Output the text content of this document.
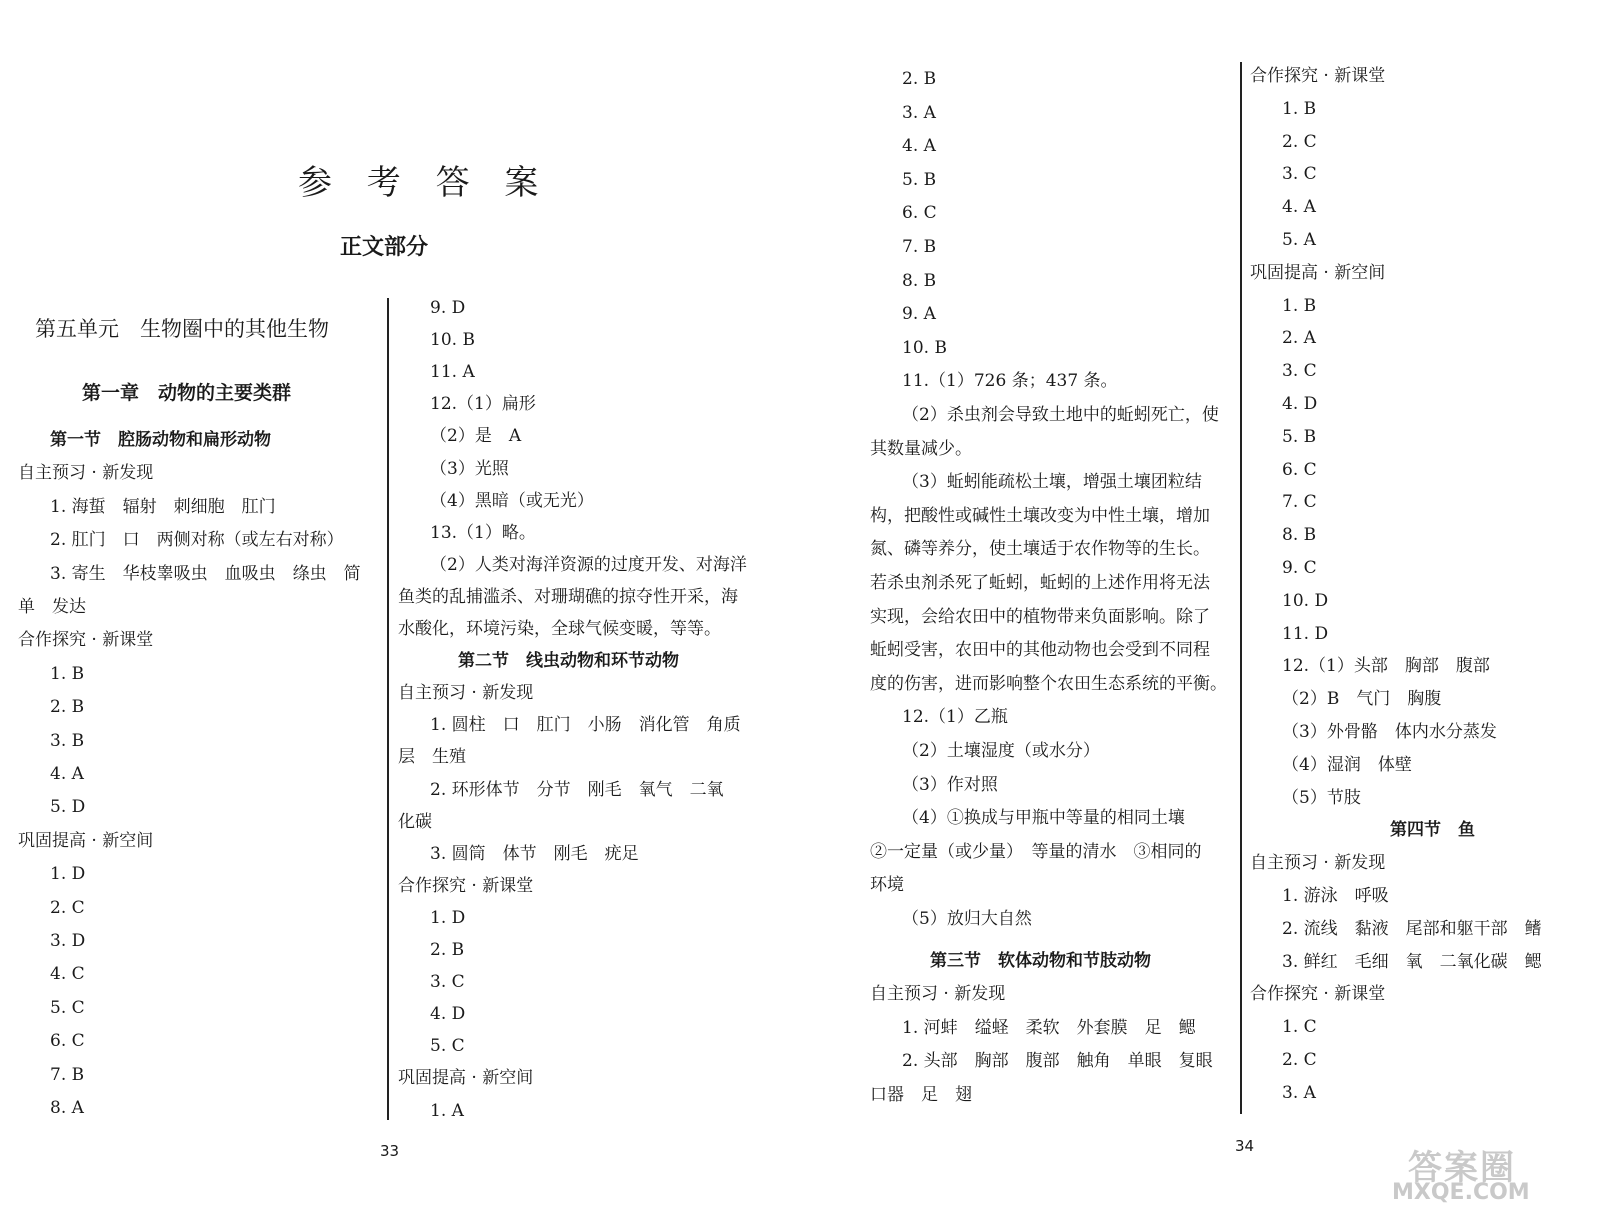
参 考 答 案
正文部分
第五单元　生物圈中的其他生物
第一章　动物的主要类群
第一节　腔肠动物和扁形动物
自主预习 · 新发现
1. 海蜇　辐射　刺细胞　肛门
2. 肛门　口　两侧对称（或左右对称）
3. 寄生　华枝睾吸虫　血吸虫　绦虫　简
单　发达
合作探究 · 新课堂
1. B
2. B
3. B
4. A
5. D
巩固提高 · 新空间
1. D
2. C
3. D
4. C
5. C
6. C
7. B
8. A
9. D
10. B
11. A
12.（1）扁形
（2）是　A
（3）光照
（4）黑暗（或无光）
13.（1）略。
（2）人类对海洋资源的过度开发、对海洋
鱼类的乱捕滥杀、对珊瑚礁的掠夺性开采，海
水酸化，环境污染，全球气候变暖，等等。
第二节　线虫动物和环节动物
自主预习 · 新发现
1. 圆柱　口　肛门　小肠　消化管　角质
层　生殖
2. 环形体节　分节　刚毛　氧气　二氧
化碳
3. 圆筒　体节　刚毛　疣足
合作探究 · 新课堂
1. D
2. B
3. C
4. D
5. C
巩固提高 · 新空间
1. A
2. B
3. A
4. A
5. B
6. C
7. B
8. B
9. A
10. B
11.（1）726 条；437 条。
（2）杀虫剂会导致土地中的蚯蚓死亡，使
其数量减少。
（3）蚯蚓能疏松土壤，增强土壤团粒结
构，把酸性或碱性土壤改变为中性土壤，增加
氮、磷等养分，使土壤适于农作物等的生长。
若杀虫剂杀死了蚯蚓，蚯蚓的上述作用将无法
实现，会给农田中的植物带来负面影响。除了
蚯蚓受害，农田中的其他动物也会受到不同程
度的伤害，进而影响整个农田生态系统的平衡。
12.（1）乙瓶
（2）土壤湿度（或水分）
（3）作对照
（4）①换成与甲瓶中等量的相同土壤
②一定量（或少量）　等量的清水　③相同的
环境
（5）放归大自然
第三节　软体动物和节肢动物
自主预习 · 新发现
1. 河蚌　缢蛏　柔软　外套膜　足　鳃
2. 头部　胸部　腹部　触角　单眼　复眼
口器　足　翅
合作探究 · 新课堂
1. B
2. C
3. C
4. A
5. A
巩固提高 · 新空间
1. B
2. A
3. C
4. D
5. B
6. C
7. C
8. B
9. C
10. D
11. D
12.（1）头部　胸部　腹部
（2）B　气门　胸腹
（3）外骨骼　体内水分蒸发
（4）湿润　体壁
（5）节肢
第四节　鱼
自主预习 · 新发现
1. 游泳　呼吸
2. 流线　黏液　尾部和躯干部　鳍
3. 鲜红　毛细　氧　二氧化碳　鳃
合作探究 · 新课堂
1. C
2. C
3. A
33	34
答案圈
MXQE.COM
